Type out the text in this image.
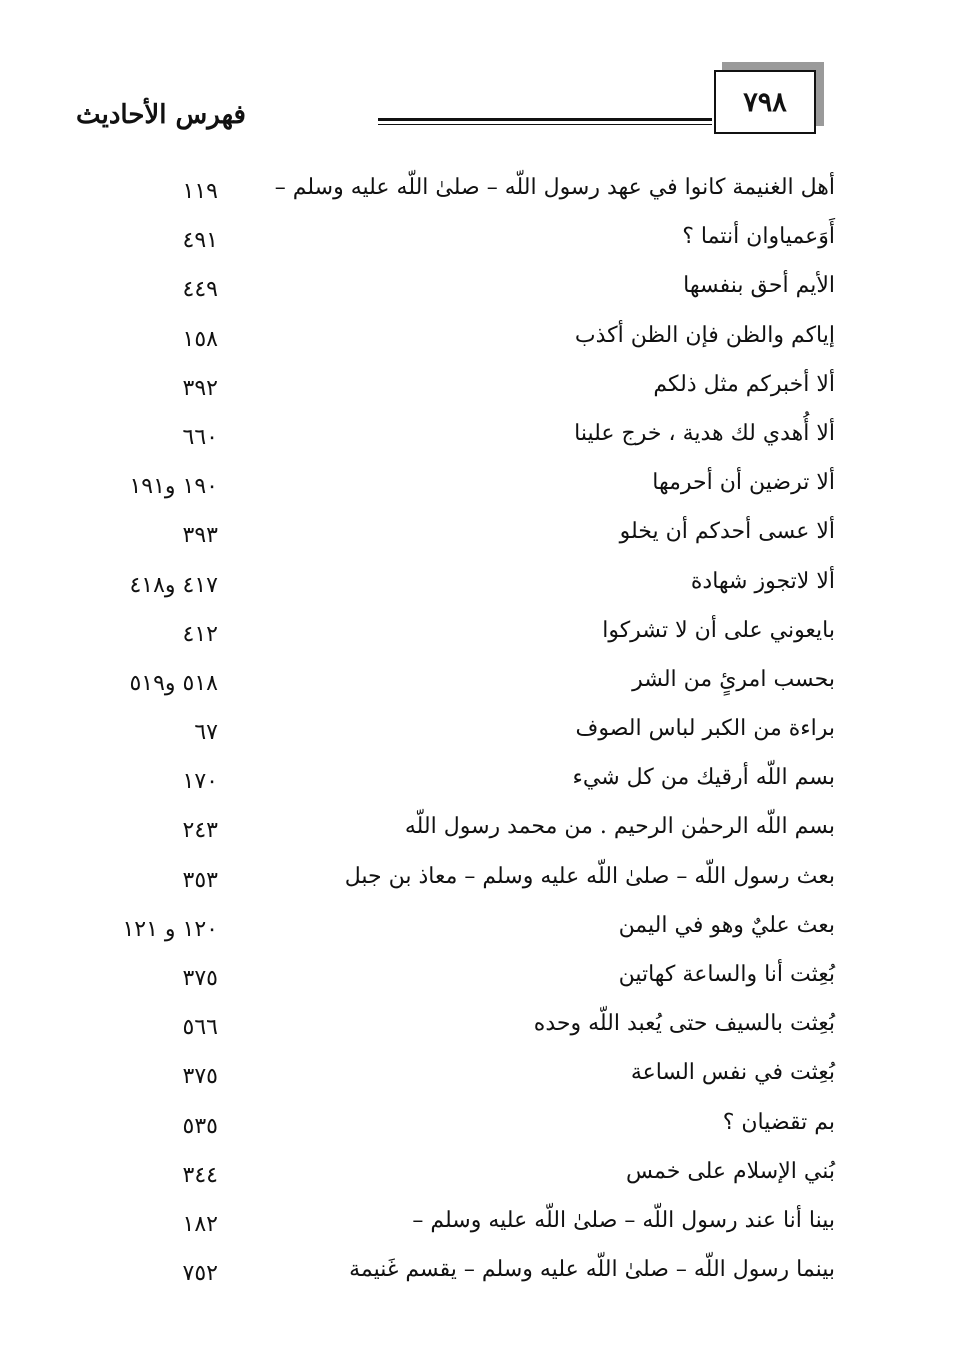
٧٩٨
فهرس الأحاديث
أهل الغنيمة كانوا في عهد رسول اللّه – صلىٰ اللّه عليه وسلم –
١١٩
أَوَعمياوان أنتما ؟
٤٩١
الأيم أحق بنفسها
٤٤٩
إياكم والظن فإن الظن أكذب
١٥٨
ألا أخبركم مثل ذلكم
٣٩٢
ألا أُهدي لك هدية ، خرج علينا
٦٦٠
ألا ترضين أن أحرمها
١٩٠ و١٩١
ألا عسى أحدكم أن يخلو
٣٩٣
ألا لاتجوز شهادة
٤١٧ و٤١٨
بايعوني على أن لا تشركوا
٤١٢
بحسب امرئٍ من الشر
٥١٨ و٥١٩
براءة من الكبر لباس الصوف
٦٧
بسم اللّه أرقيك من كل شيء
١٧٠
بسم اللّه الرحمٰن الرحيم . من محمد رسول اللّه
٢٤٣
بعث رسول اللّه – صلىٰ اللّه عليه وسلم – معاذ بن جبل
٣٥٣
بعث عليٌ وهو في اليمن
١٢٠ و ١٢١
بُعِثت أنا والساعة كهاتين
٣٧٥
بُعِثت بالسيف حتى يُعبد اللّه وحده
٥٦٦
بُعِثت في نفس الساعة
٣٧٥
بم تقضيان ؟
٥٣٥
بُني الإسلام على خمس
٣٤٤
بينا أنا عند رسول اللّه – صلىٰ اللّه عليه وسلم –
١٨٢
بينما رسول اللّه – صلىٰ اللّه عليه وسلم – يقسم غَنيمة
٧٥٢
